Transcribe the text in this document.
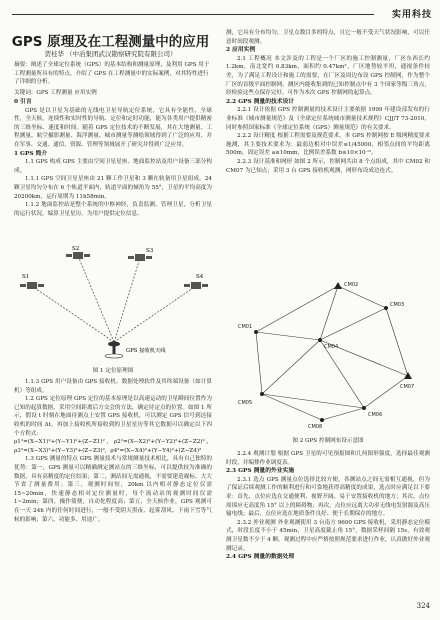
实用科技
GPS 原理及在工程测量中的应用
贺桂华 （中冶集团武汉勘察研究院有限公司）
摘要：阐述了全球定位系统（GPS）的基本结构和测量原理，及利用 GPS 用于工程测量所具有的特点，介绍了 GPS 在工程测量中的实际案例，对其特性进行了详细的分析。
关键词：GPS 工程测量 应用实例
0 引言

GPS 是以卫星为基础的无线电卫星导航定位系统，它具有全能性，全球性，全天候，连续性和实时性的导航、定位和定时功能，能为各类用户提供精密的三维坐标、速度和时间。随着 GPS 定位技术的不断发展，其在大地测量、工程测量、航空摄影测量、海洋测量、城市测量等测绘领域得到了广泛的应用，并在军事、交通、通信、资源、管理等领域展开了研究并得到广泛应用。

1 GPS 简介

1.1 GPS 构成 GPS 主要由空间卫星星座、地面监控站及用户设备三部分构成。

1.1.1 GPS 空间卫星星座由 21 颗工作卫星和 3 颗在轨备用卫星组成。24 颗卫星均匀分布在 6 个轨道平面内，轨道平面的倾角为 55°，卫星的平均高度为 20200km，运行周期为 11h58min。

1.1.2 地面监控站是整个系统的中枢神经，负责监测、管理卫星，分析卫星的运行状况，编算卫星星历，为用户提供定位信息。

S1
S2	S3
S4
GPS 接收机天线
图 1 定位原理图

1.1.3 GPS 用户设备由 GPS 接收机、数据处理软件及其终端设备（如计算机）等组成。

1.2 GPS 定位原理 GPS 定位的基本原理是以高速运动的卫星瞬间位置作为已知的起算数据，采用空间距离后方交会的方法，确定待定点的位置。如图 1 所示，假设 t 时刻在地面待测点上安置 GPS 接收机，可以测定 GPS 信号到达接收机的时间 Δt，再加上接收机所接收到的卫星星历等其它数据可以确定以下四个方程式：

ρ1²=(X−X1)²+(Y−Y1)²+(Z−Z1)²，ρ2²=(X−X2)²+(Y−Y2)²+(Z−Z2)²，ρ3²=(X−X3)²+(Y−Y3)²+(Z−Z3)²，ρ4²=(X−X4)²+(Y−Y4)²+(Z−Z4)²

1.3 GPS 测量的特点 GPS 测量技术与常规测量技术相比，具有自己独特的优势：第一，GPS 测量可以精确测定测站点的三维坐标，可以提供较为准确的数据，具有高精度的定位结果；第二，测站间无需通视，不需要建造觇标，大大节省了测量费用；第三，观测时间短，20km 以内相对静态定位仅需 15~20min，快速静态相对定位测量时，每个流动站的观测时间仅需 1~2min；第四，操作简便，自动化程度高；第五，全天候作业，GPS 观测可在一天 24h 内的任何时间进行，一般不受阴天黑夜、起雾刮风、下雨下雪等气候的影响；第六，功能多、用途广。

测，它具有分布均匀，卫星点数目多的特点，且它一般不受天气状况影响，可以任意时间段观测。

2 应用实例

2.1 工程概况 本文涉及的工程是一个厂区的施工控制测量，厂区东西长约 1.2km，南北宽约 0.83km，面积约 0.47km²。厂区地势较平坦，通视条件较差，为了满足工程设计和施工的需要，在厂区及周边布设 GPS 控制网，作为整个厂区的首级平面控制网。测区内能收集到的已知控制点中有 3 个国家等级三角点，经检验这些点保存完好，可作为本次 GPS 控制网的起算点。

2.2 GPS 测量的技术设计

2.2.1 设计依据 GPS 控制测量的技术设计主要依据 1999 年建设部发布的行业标准《城市测量规范》及《全球定位系统城市测量技术规程》CJJ/T 73-2010，同时参照国家标准《全球定位系统（GPS）测量规范》的有关要求。

2.2.2 设计精度 根据工程需要及规范要求，本 GPS 控制网按 E 级网精度要求施测，其主要技术要求为：最弱边相对中误差≤1/45000，相邻点间的平均距离 500m，固定误差 a≤10mm，比例误差系数 b≤10×10⁻⁶。

2.2.3 设计基准和网形 如图 2 所示，控制网共由 8 个点组成，其中 CM02 和 CM07 为已知点；采用 3 台 GPS 接收机观测，网形布设成边连式。

CM02
CM03
CM01
CM04
CM05
CM07
CM06
CM08
图 2 GPS 控制网布设示意图

2.2.4 观测计划 根据 GPS 卫星的可见预报图和几何图形强度，选择最佳观测时段，并编排作业调度表。

2.3 GPS 测量的外业实施

2.3.1 选点 GPS 测量点位选择比较方便，各测站点之间无需相互通视，但为了保证后续观测工作的顺利进行和可靠地获得高精度的成果，选点时应满足以下要求：首先，点位应选在交通便利、视野开阔、易于安置接收机的地方；其次，点位周围应无高度角 15° 以上的障碍物；再次，点位应远离大功率无线电发射源及高压输电线；最后，点位应选在地质条件良好、便于长期保存的地方。

2.3.2 外业观测 外业观测使用 3 台南方 9600 GPS 接收机，采用静态定位模式，时段长度不小于 45min，卫星高度截止角 15°，数据采样间隔 15s，有效观测卫星数不少于 4 颗。观测过程中应严格按照规范要求进行作业，认真做好外业观测记录。

2.4 GPS 测量的数据处理
324
